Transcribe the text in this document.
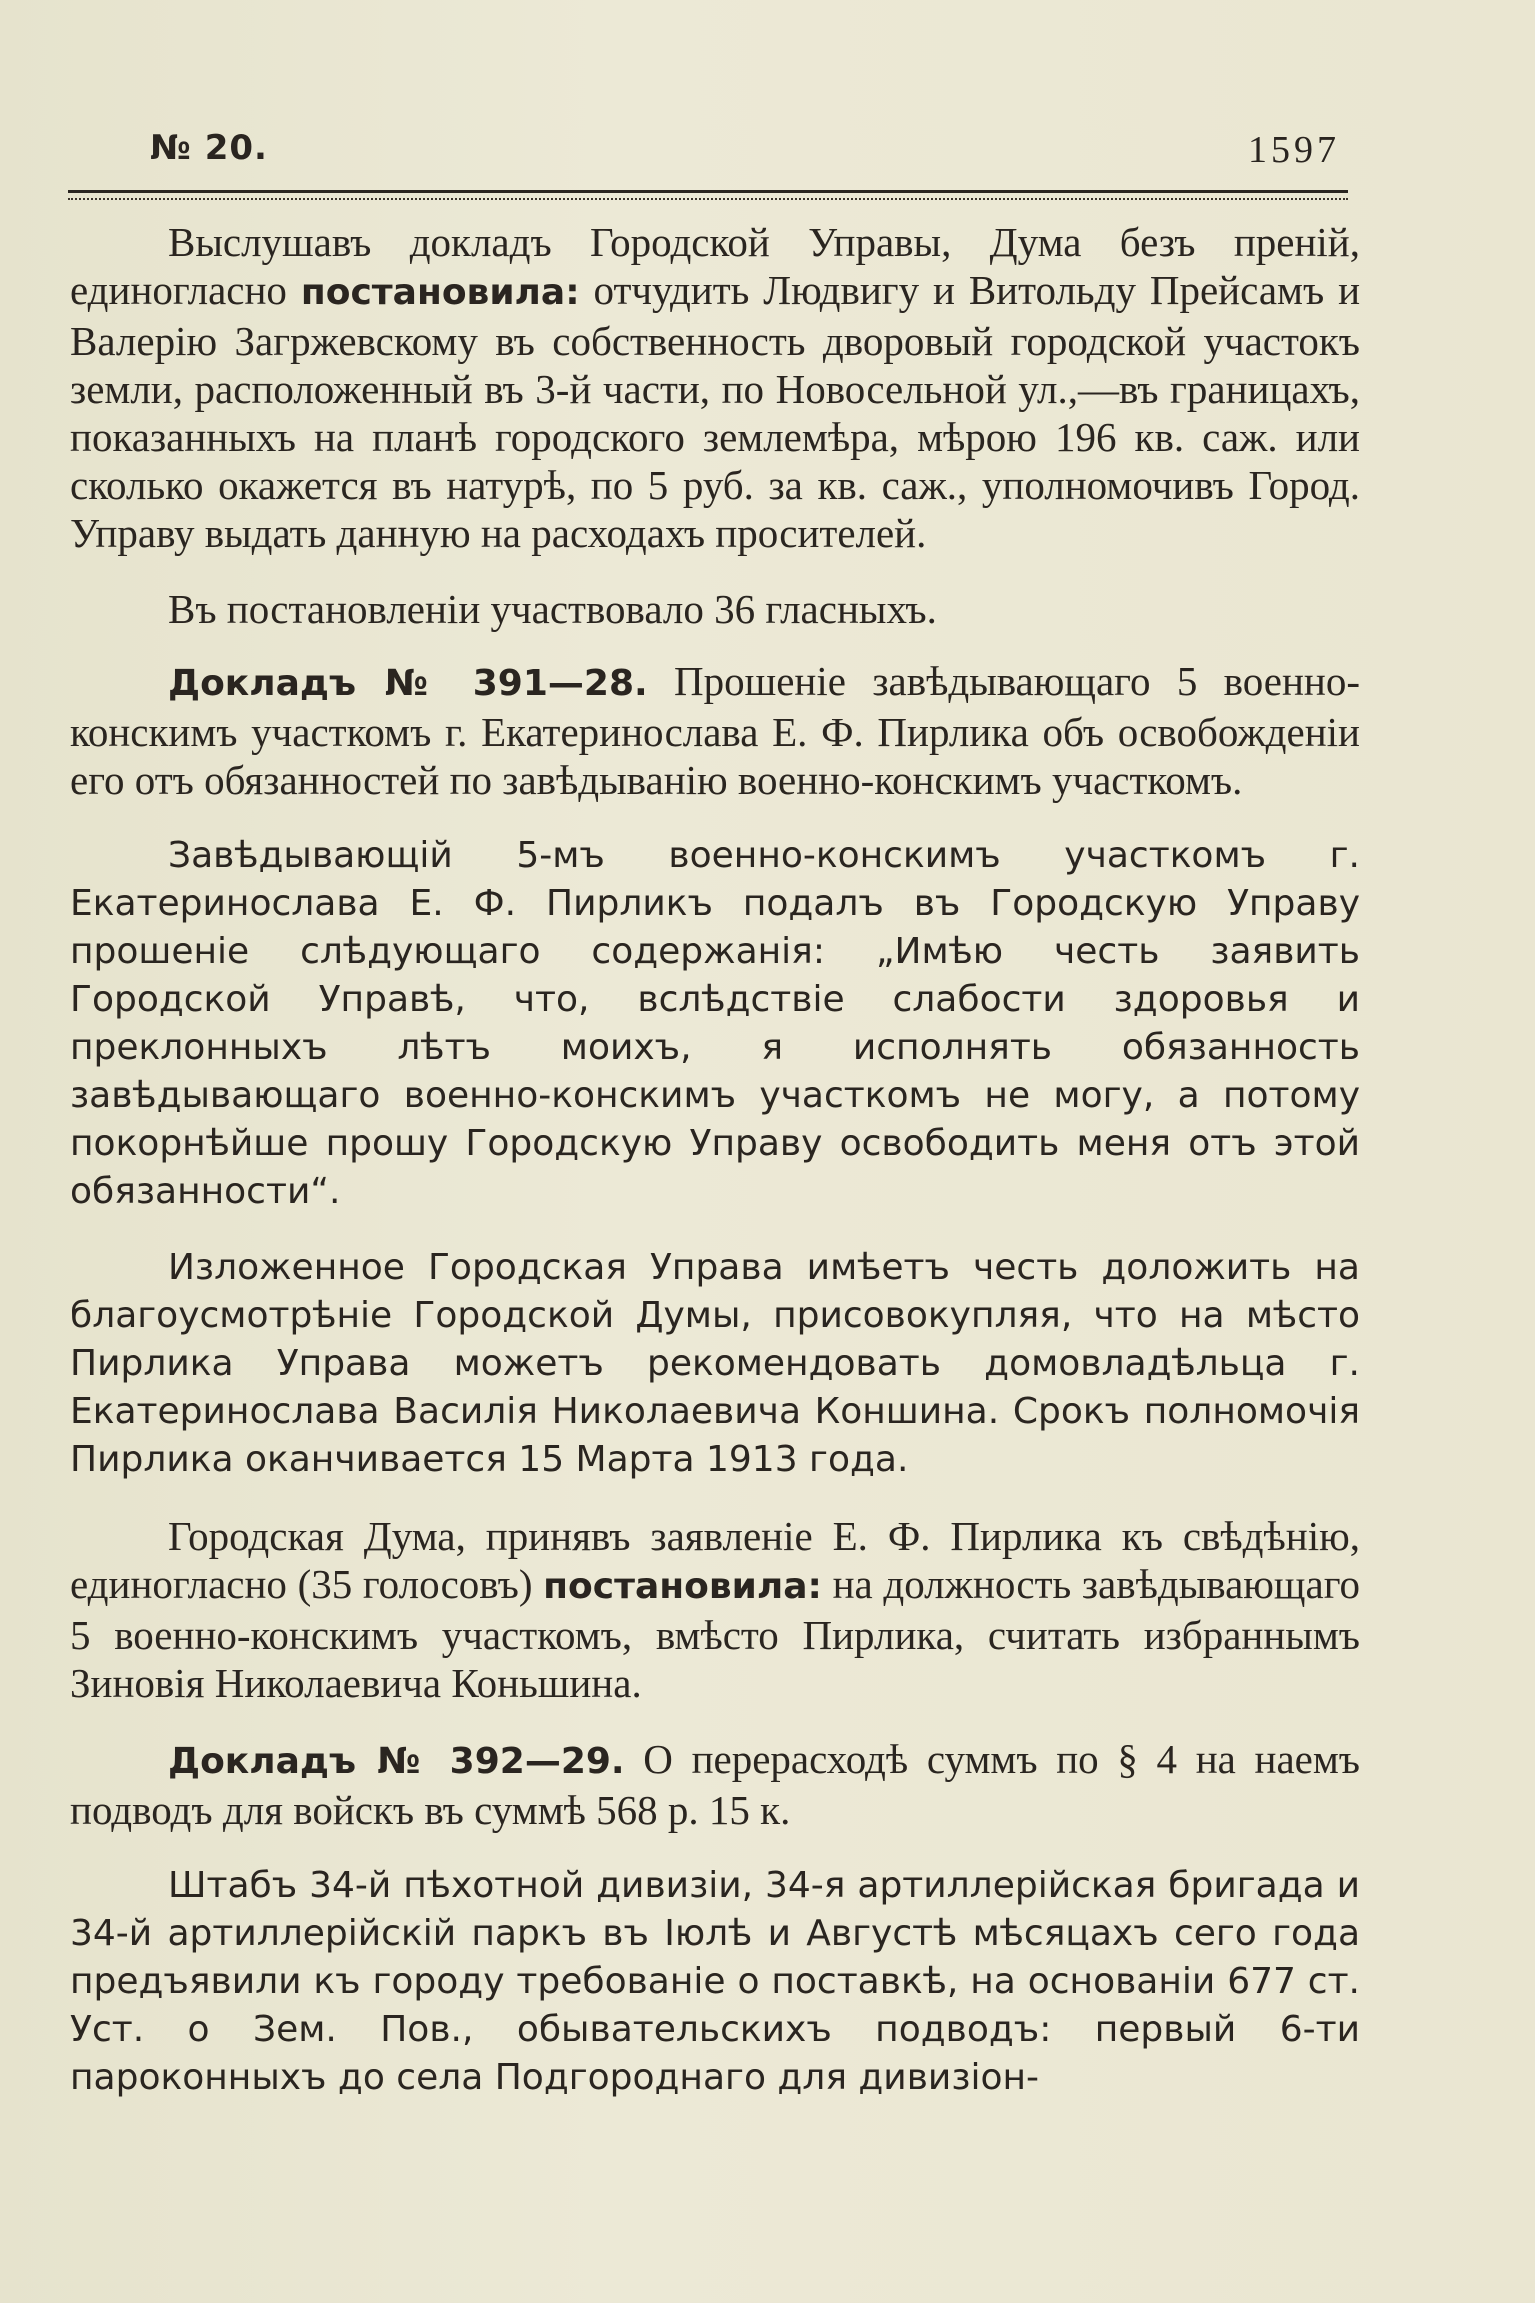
№ 20.	1597

Выслушавъ докладъ Городской Управы, Дума безъ преній, единогласно постановила: отчудить Людвигу и Витольду Прейсамъ и Валерію Загржевскому въ собственность дворовый городской участокъ земли, расположенный въ 3-й части, по Новосельной ул.,—въ границахъ, показанныхъ на планѣ городского землемѣра, мѣрою 196 кв. саж. или сколько окажется въ натурѣ, по 5 руб. за кв. саж., уполномочивъ Город. Управу выдать данную на расходахъ просителей.

Въ постановленіи участвовало 36 гласныхъ.

Докладъ № 391—28. Прошеніе завѣдывающаго 5 военно-конскимъ участкомъ г. Екатеринослава Е. Ф. Пирлика объ освобожденіи его отъ обязанностей по завѣдыванію военно-конскимъ участкомъ.

Завѣдывающій 5-мъ военно-конскимъ участкомъ г. Екатеринослава Е. Ф. Пирликъ подалъ въ Городскую Управу прошеніе слѣдующаго содержанія: „Имѣю честь заявить Городской Управѣ, что, вслѣдствіе слабости здоровья и преклонныхъ лѣтъ моихъ, я исполнять обязанность завѣдывающаго военно-конскимъ участкомъ не могу, а потому покорнѣйше прошу Городскую Управу освободить меня отъ этой обязанности“.

Изложенное Городская Управа имѣетъ честь доложить на благоусмотрѣніе Городской Думы, присовокупляя, что на мѣсто Пирлика Управа можетъ рекомендовать домовладѣльца г. Екатеринослава Василія Николаевича Коншина. Срокъ полномочія Пирлика оканчивается 15 Марта 1913 года.

Городская Дума, принявъ заявленіе Е. Ф. Пирлика къ свѣдѣнію, единогласно (35 голосовъ) постановила: на должность завѣдывающаго 5 военно-конскимъ участкомъ, вмѣсто Пирлика, считать избраннымъ Зиновія Николаевича Коньшина.

Докладъ № 392—29. О перерасходѣ суммъ по § 4 на наемъ подводъ для войскъ въ суммѣ 568 р. 15 к.

Штабъ 34-й пѣхотной дивизіи, 34-я артиллерійская бригада и 34-й артиллерійскій паркъ въ Іюлѣ и Августѣ мѣсяцахъ сего года предъявили къ городу требованіе о поставкѣ, на основаніи 677 ст. Уст. о Зем. Пов., обывательскихъ подводъ: первый 6-ти пароконныхъ до села Подгороднаго для дивизіон-
